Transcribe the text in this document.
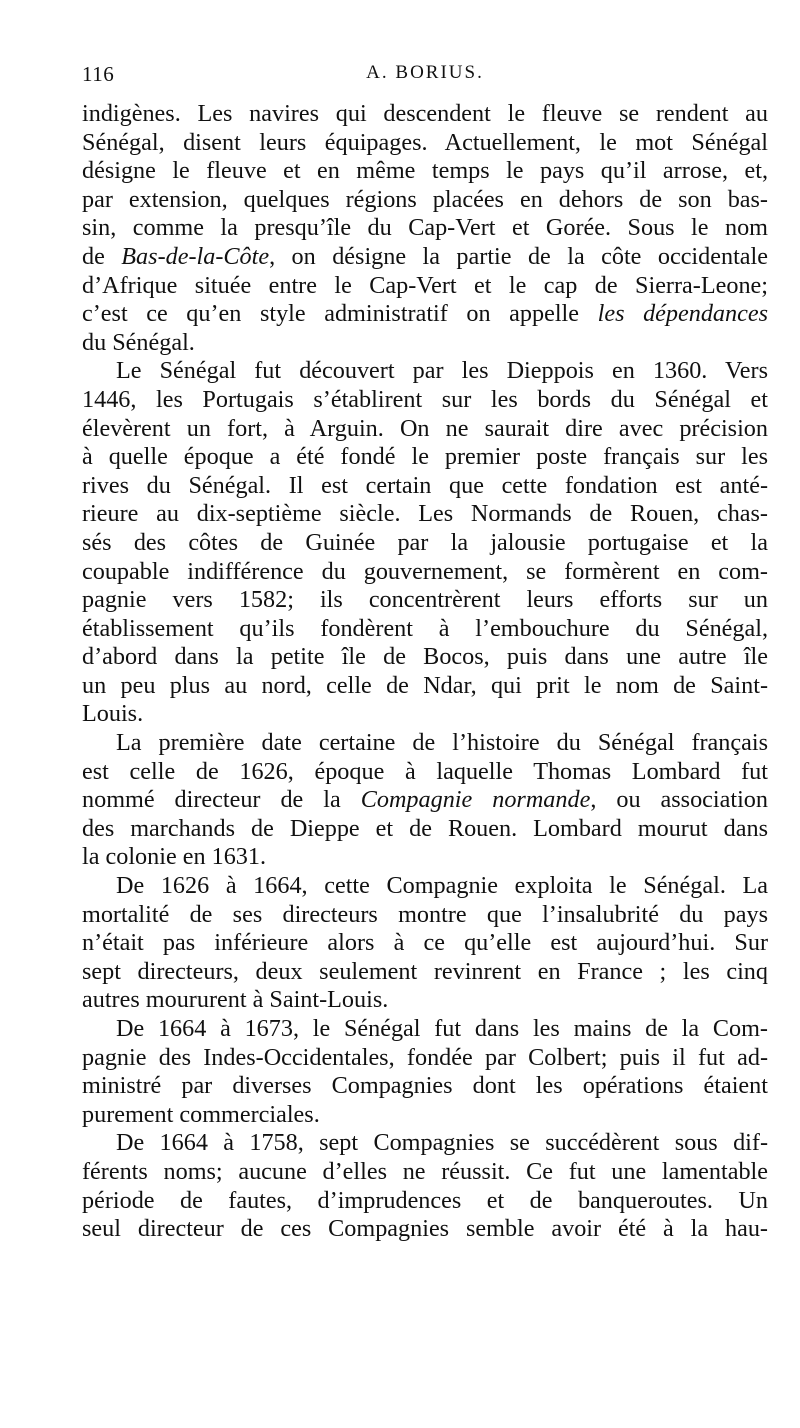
116	A. BORIUS.
indigènes. Les navires qui descendent le fleuve se rendent au
Sénégal, disent leurs équipages. Actuellement, le mot Sénégal
désigne le fleuve et en même temps le pays qu’il arrose, et,
par extension, quelques régions placées en dehors de son bas-
sin, comme la presqu’île du Cap-Vert et Gorée. Sous le nom
de Bas-de-la-Côte, on désigne la partie de la côte occidentale
d’Afrique située entre le Cap-Vert et le cap de Sierra-Leone;
c’est ce qu’en style administratif on appelle les dépendances
du Sénégal.
Le Sénégal fut découvert par les Dieppois en 1360. Vers
1446, les Portugais s’établirent sur les bords du Sénégal et
élevèrent un fort, à Arguin. On ne saurait dire avec précision
à quelle époque a été fondé le premier poste français sur les
rives du Sénégal. Il est certain que cette fondation est anté-
rieure au dix-septième siècle. Les Normands de Rouen, chas-
sés des côtes de Guinée par la jalousie portugaise et la
coupable indifférence du gouvernement, se formèrent en com-
pagnie vers 1582; ils concentrèrent leurs efforts sur un
établissement qu’ils fondèrent à l’embouchure du Sénégal,
d’abord dans la petite île de Bocos, puis dans une autre île
un peu plus au nord, celle de Ndar, qui prit le nom de Saint-
Louis.
La première date certaine de l’histoire du Sénégal français
est celle de 1626, époque à laquelle Thomas Lombard fut
nommé directeur de la Compagnie normande, ou association
des marchands de Dieppe et de Rouen. Lombard mourut dans
la colonie en 1631.
De 1626 à 1664, cette Compagnie exploita le Sénégal. La
mortalité de ses directeurs montre que l’insalubrité du pays
n’était pas inférieure alors à ce qu’elle est aujourd’hui. Sur
sept directeurs, deux seulement revinrent en France ; les cinq
autres moururent à Saint-Louis.
De 1664 à 1673, le Sénégal fut dans les mains de la Com-
pagnie des Indes-Occidentales, fondée par Colbert; puis il fut ad-
ministré par diverses Compagnies dont les opérations étaient
purement commerciales.
De 1664 à 1758, sept Compagnies se succédèrent sous dif-
férents noms; aucune d’elles ne réussit. Ce fut une lamentable
période de fautes, d’imprudences et de banqueroutes. Un
seul directeur de ces Compagnies semble avoir été à la hau-
